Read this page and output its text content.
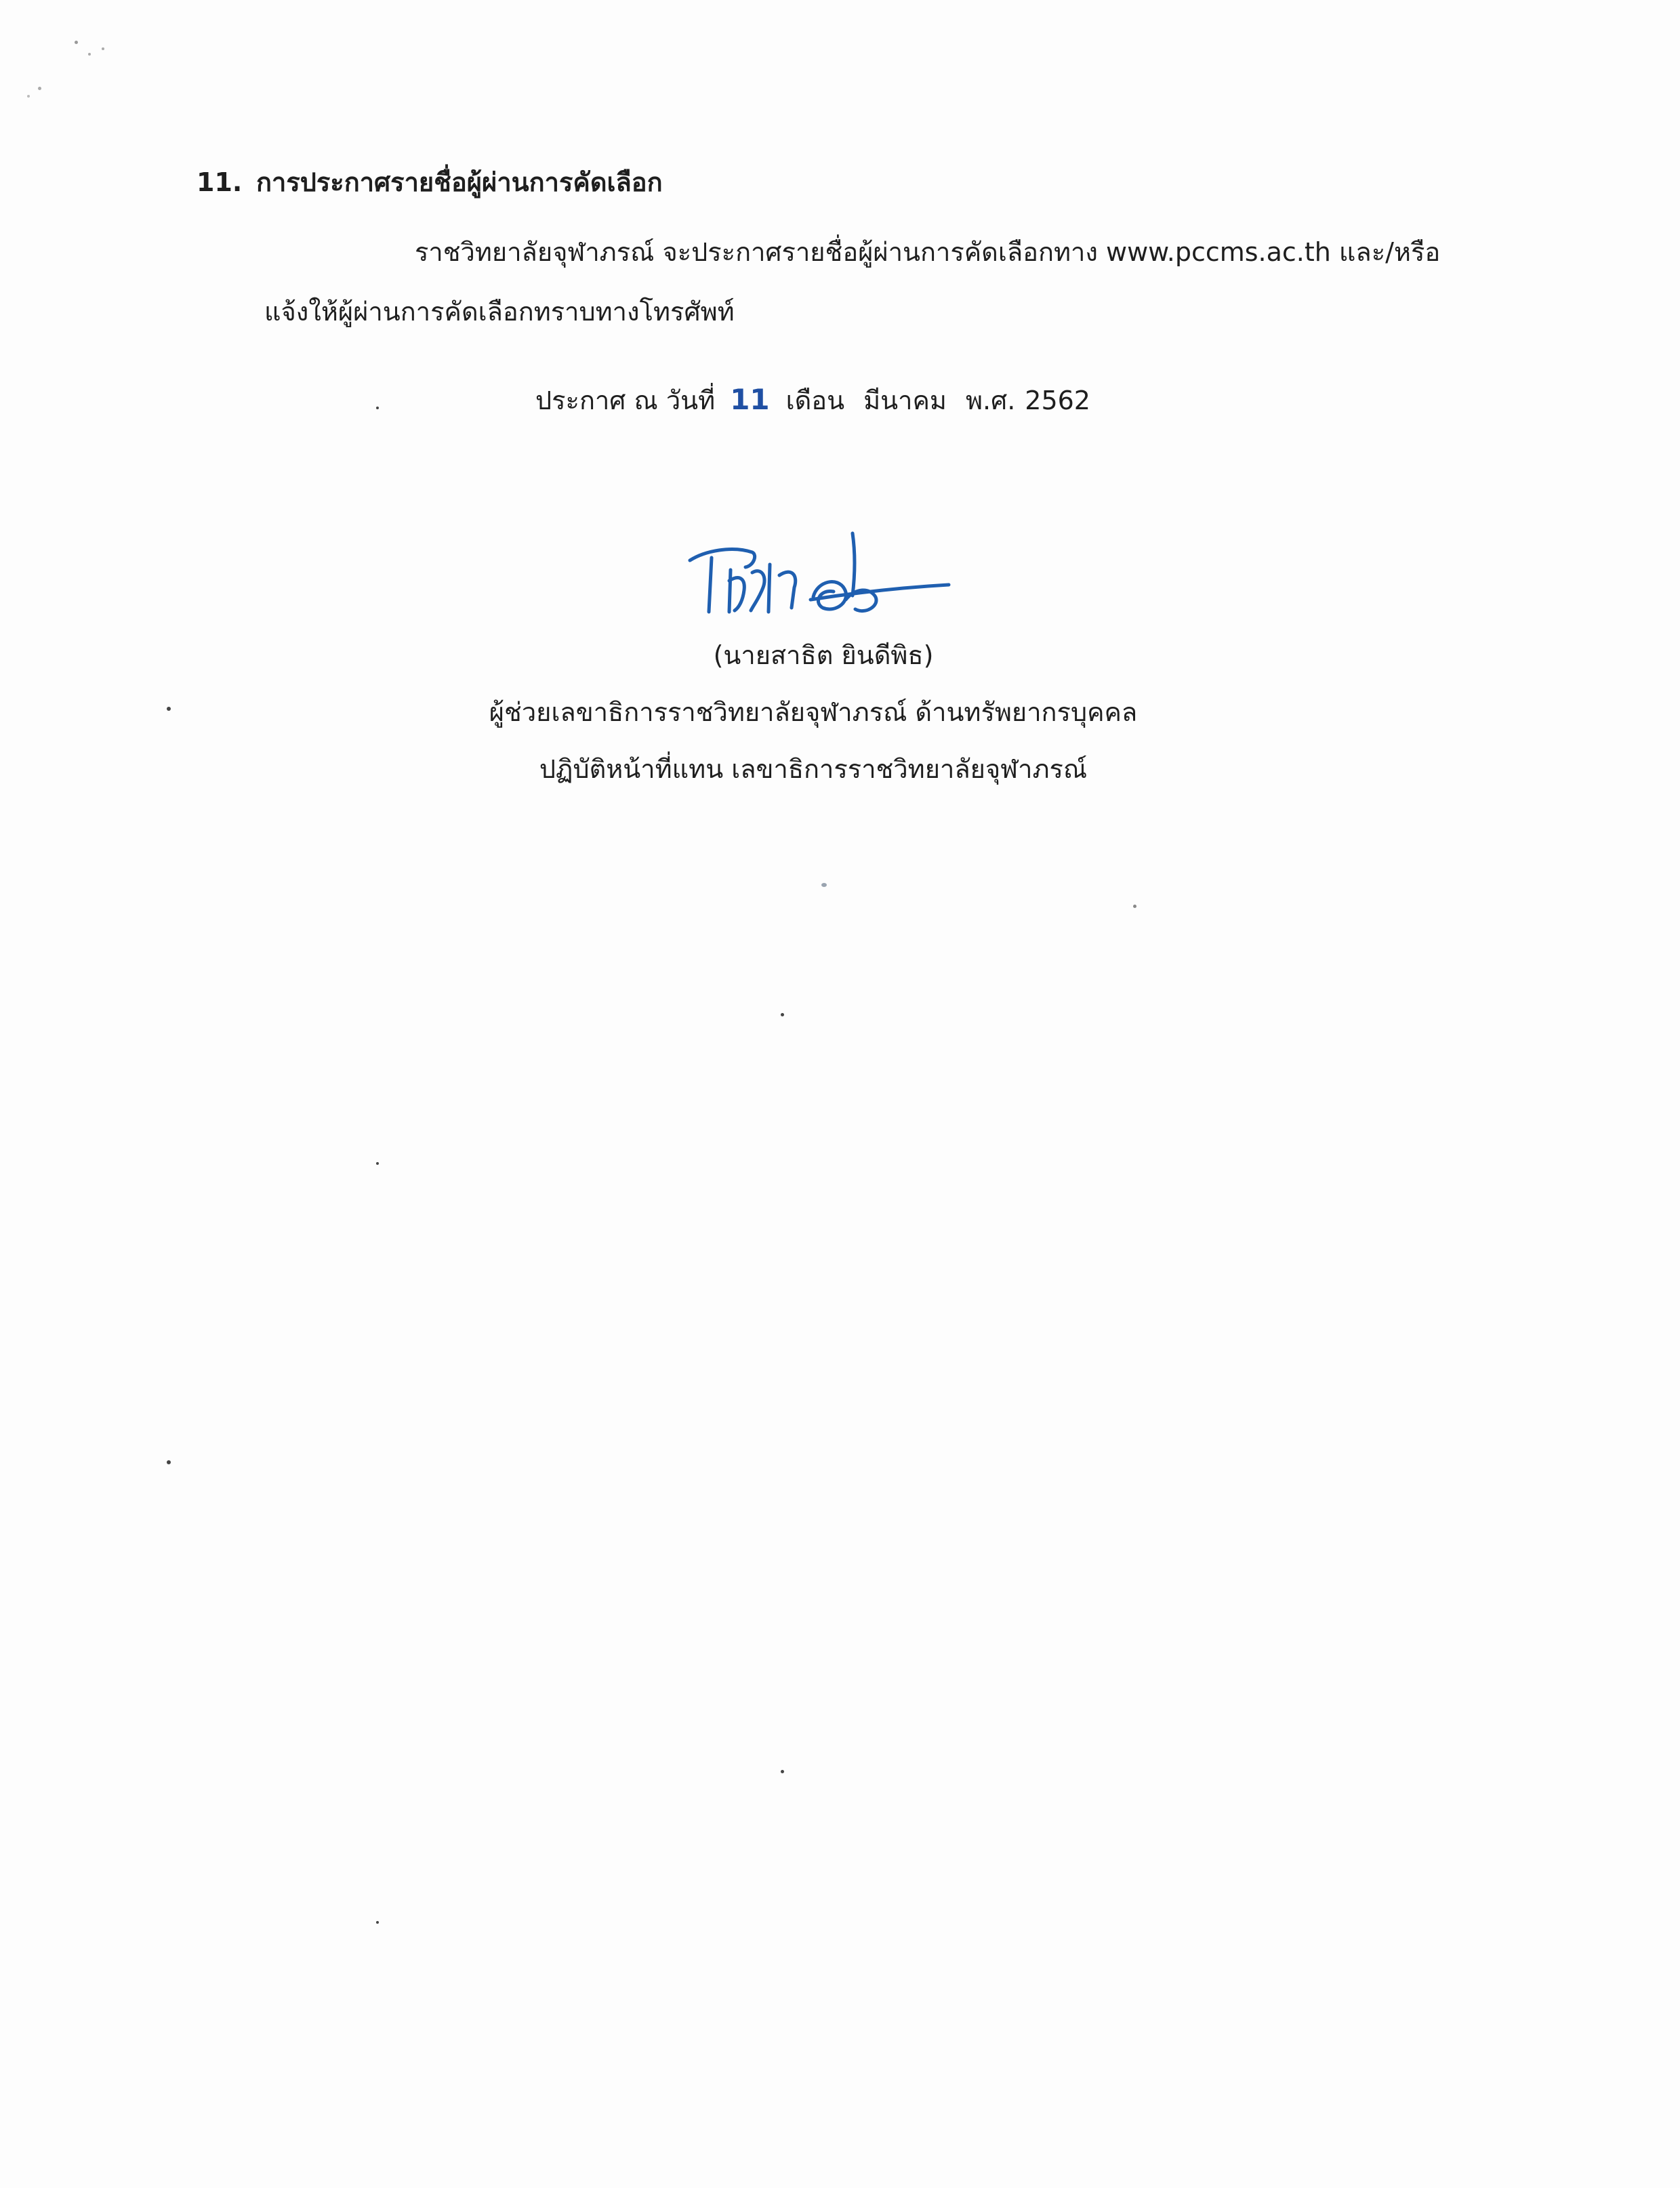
11. การประกาศรายชื่อผู้ผ่านการคัดเลือก
ราชวิทยาลัยจุฬาภรณ์ จะประกาศรายชื่อผู้ผ่านการคัดเลือกทาง www.pccms.ac.th และ/หรือ
แจ้งให้ผู้ผ่านการคัดเลือกทราบทางโทรศัพท์
ประกาศ ณ วันที่ 11 เดือน มีนาคม พ.ศ. 2562
(นายสาธิต ยินดีพิธ)
ผู้ช่วยเลขาธิการราชวิทยาลัยจุฬาภรณ์ ด้านทรัพยากรบุคคล
ปฏิบัติหน้าที่แทน เลขาธิการราชวิทยาลัยจุฬาภรณ์
